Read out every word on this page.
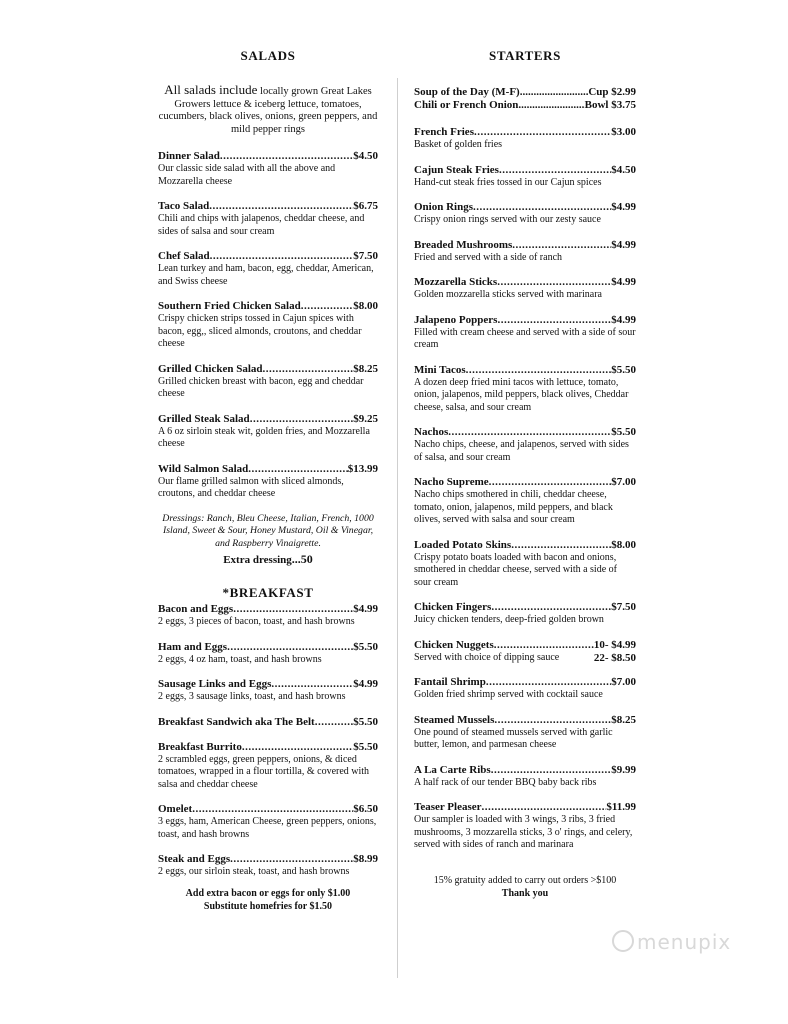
SALADS
All salads include locally grown Great Lakes Growers lettuce & iceberg lettuce, tomatoes, cucumbers, black olives, onions, green peppers, and mild pepper rings
Dinner Salad .....	$4.50
Our classic side salad with all the above and Mozzarella cheese
Taco Salad .....	$6.75
Chili and chips with jalapenos, cheddar cheese, and sides of salsa and sour cream
Chef Salad .....	$7.50
Lean turkey and ham, bacon, egg, cheddar, American, and Swiss cheese
Southern Fried Chicken Salad .....	$8.00
Crispy chicken strips tossed in Cajun spices with bacon, egg,, sliced almonds, croutons, and cheddar cheese
Grilled Chicken Salad .....	$8.25
Grilled chicken breast with bacon, egg and cheddar cheese
Grilled Steak Salad .....	$9.25
A 6 oz sirloin steak wit, golden fries, and Mozzarella cheese
Wild Salmon Salad .....	$13.99
Our flame grilled salmon with sliced almonds, croutons, and cheddar cheese
Dressings: Ranch, Bleu Cheese, Italian, French, 1000 Island, Sweet & Sour, Honey Mustard, Oil & Vinegar, and Raspberry Vinaigrette.
Extra dressing...50
*BREAKFAST
Bacon and Eggs .....	$4.99
2 eggs, 3 pieces of bacon, toast, and hash browns
Ham and Eggs .....	$5.50
2 eggs, 4 oz ham, toast, and hash browns
Sausage Links and Eggs .....	$4.99
2 eggs, 3 sausage links, toast, and hash browns
Breakfast Sandwich aka The Belt .....	$5.50
Breakfast Burrito .....	$5.50
2 scrambled eggs, green peppers, onions, & diced tomatoes, wrapped in a flour tortilla, & covered with salsa and cheddar cheese
Omelet .....	$6.50
3 eggs, ham, American Cheese, green peppers, onions, toast, and hash browns
Steak and Eggs .....	$8.99
2 eggs, our sirloin steak, toast, and hash browns
Add extra bacon or eggs for only $1.00
Substitute homefries for $1.50
STARTERS
Soup of the Day (M-F) .....	Cup $2.99
Chili or French Onion .....	Bowl $3.75
French Fries .....	$3.00
Basket of golden fries
Cajun Steak Fries .....	$4.50
Hand-cut steak fries tossed in our Cajun spices
Onion Rings .....	$4.99
Crispy onion rings served with our zesty sauce
Breaded Mushrooms .....	$4.99
Fried and served with a side of ranch
Mozzarella Sticks .....	$4.99
Golden mozzarella sticks served with marinara
Jalapeno Poppers .....	$4.99
Filled with cream cheese and served with a side of sour cream
Mini Tacos .....	$5.50
A dozen deep fried mini tacos with lettuce, tomato, onion, jalapenos, mild peppers, black olives, Cheddar cheese, salsa, and sour cream
Nachos .....	$5.50
Nacho chips, cheese, and jalapenos, served with sides of salsa, and sour cream
Nacho Supreme .....	$7.00
Nacho chips smothered in chili, cheddar cheese, tomato, onion, jalapenos, mild peppers, and black olives, served with salsa and sour cream
Loaded Potato Skins .....	$8.00
Crispy potato boats loaded with bacon and onions, smothered in cheddar cheese, served with a side of sour cream
Chicken Fingers .....	$7.50
Juicy chicken tenders, deep-fried golden brown
Chicken Nuggets .....	10- $4.99
Served with choice of dipping sauce	22- $8.50
Fantail Shrimp .....	$7.00
Golden fried shrimp served with cocktail sauce
Steamed Mussels .....	$8.25
One pound of steamed mussels served with garlic butter, lemon, and parmesan cheese
A La Carte Ribs .....	$9.99
A half rack of our tender BBQ baby back ribs
Teaser Pleaser .....	$11.99
Our sampler is loaded with 3 wings, 3 ribs, 3 fried mushrooms, 3 mozzarella sticks, 3 o' rings, and celery, served with sides of ranch and marinara
15% gratuity added to carry out orders >$100
Thank you
menupix
